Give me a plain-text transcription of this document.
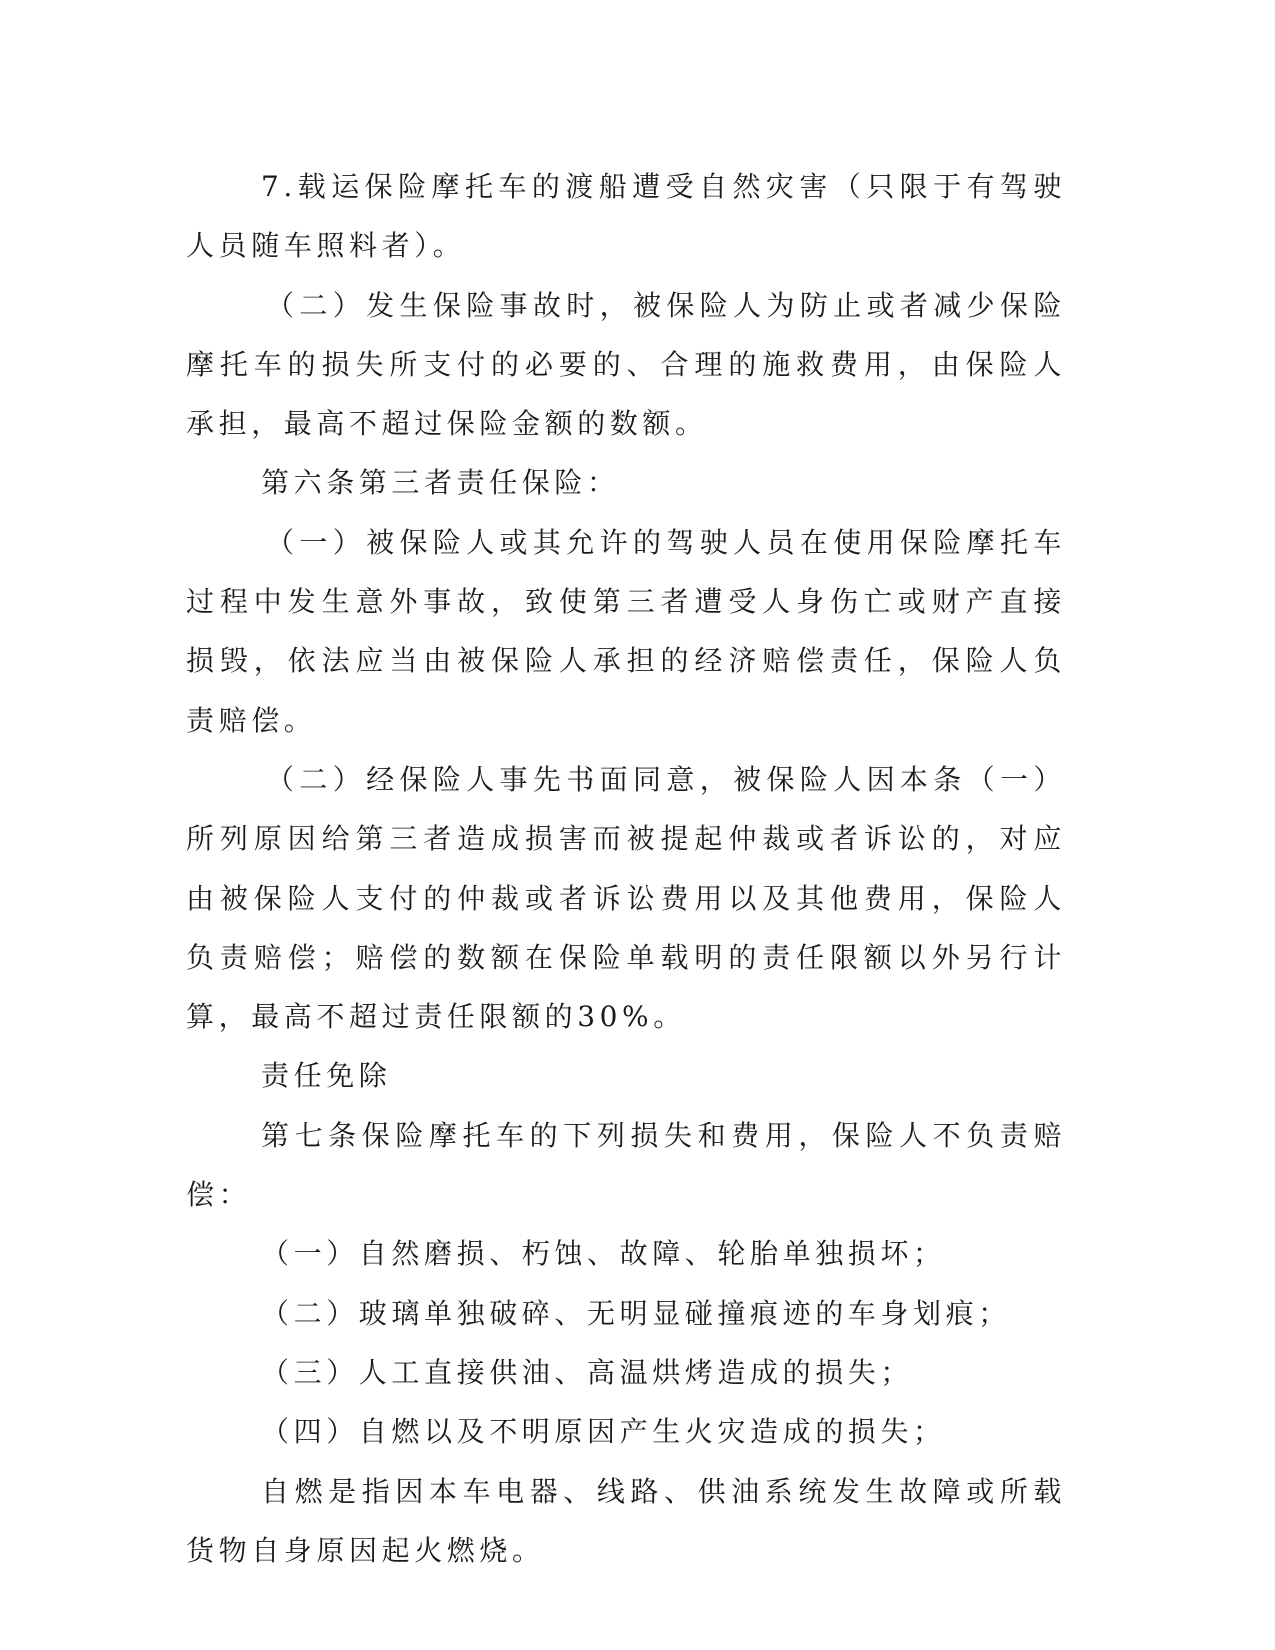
7.载运保险摩托车的渡船遭受自然灾害（只限于有驾驶人员随车照料者）。

（二）发生保险事故时，被保险人为防止或者减少保险摩托车的损失所支付的必要的、合理的施救费用，由保险人承担，最高不超过保险金额的数额。

第六条第三者责任保险：

（一）被保险人或其允许的驾驶人员在使用保险摩托车过程中发生意外事故，致使第三者遭受人身伤亡或财产直接损毁，依法应当由被保险人承担的经济赔偿责任，保险人负责赔偿。

（二）经保险人事先书面同意，被保险人因本条（一）所列原因给第三者造成损害而被提起仲裁或者诉讼的，对应由被保险人支付的仲裁或者诉讼费用以及其他费用，保险人负责赔偿；赔偿的数额在保险单载明的责任限额以外另行计算，最高不超过责任限额的30%。

责任免除

第七条保险摩托车的下列损失和费用，保险人不负责赔偿：

（一）自然磨损、朽蚀、故障、轮胎单独损坏；

（二）玻璃单独破碎、无明显碰撞痕迹的车身划痕；

（三）人工直接供油、高温烘烤造成的损失；

（四）自燃以及不明原因产生火灾造成的损失；

自燃是指因本车电器、线路、供油系统发生故障或所载货物自身原因起火燃烧。
